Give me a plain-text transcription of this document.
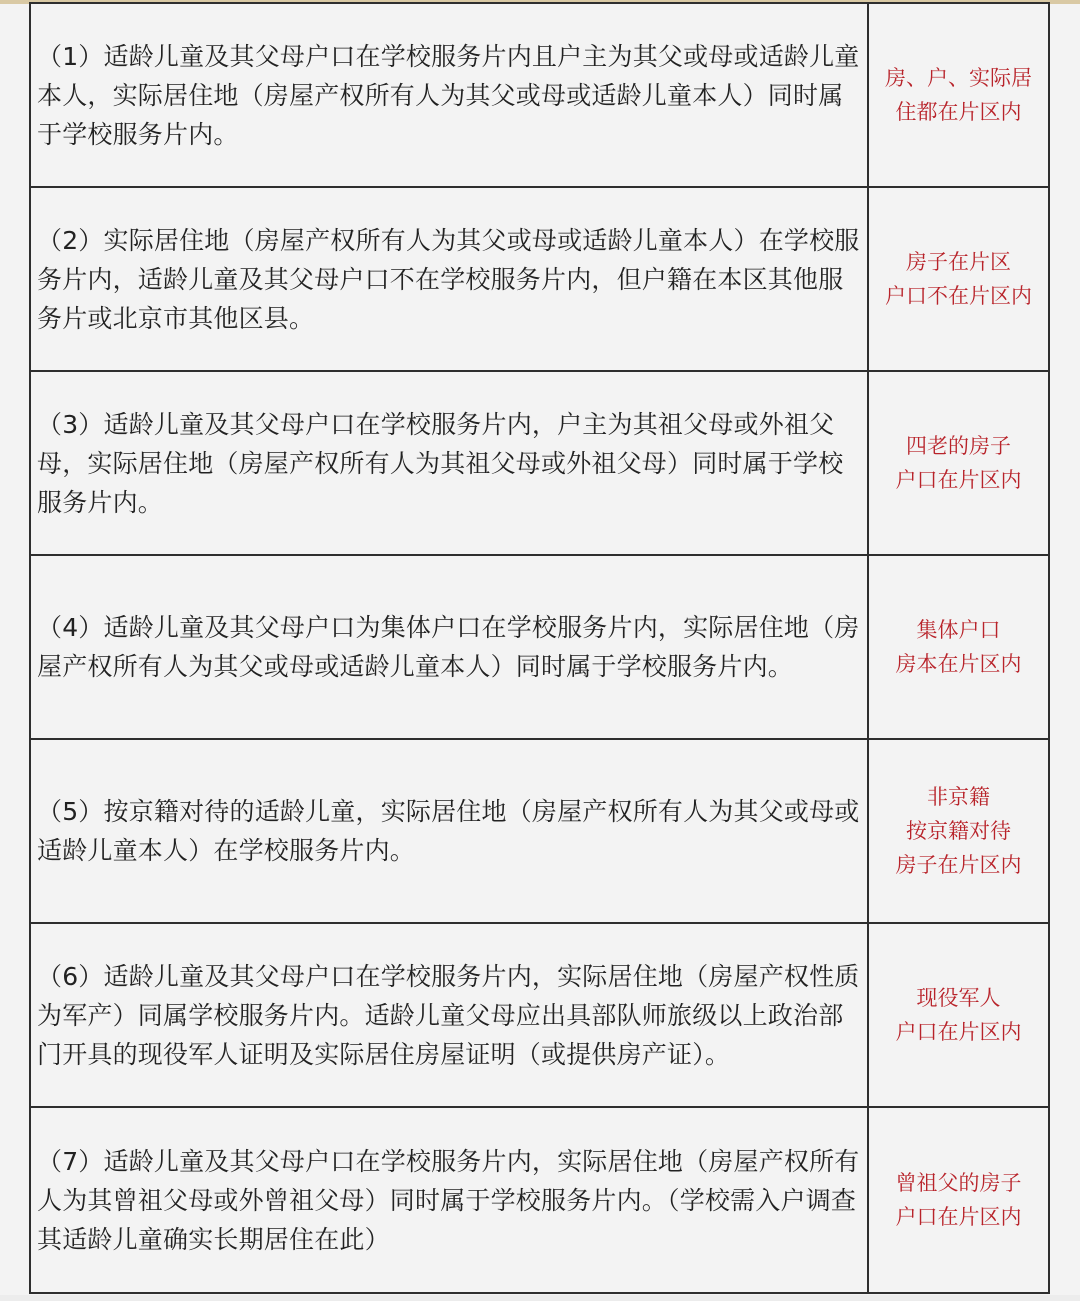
（1）适龄儿童及其父母户口在学校服务片内且户主为其父或母或适龄儿童本人，实际居住地（房屋产权所有人为其父或母或适龄儿童本人）同时属于学校服务片内。	房、户、实际居
住都在片区内

（2）实际居住地（房屋产权所有人为其父或母或适龄儿童本人）在学校服务片内，适龄儿童及其父母户口不在学校服务片内，但户籍在本区其他服务片或北京市其他区县。	房子在片区
户口不在片区内

（3）适龄儿童及其父母户口在学校服务片内，户主为其祖父母或外祖父母，实际居住地（房屋产权所有人为其祖父母或外祖父母）同时属于学校服务片内。	四老的房子
户口在片区内

（4）适龄儿童及其父母户口为集体户口在学校服务片内，实际居住地（房屋产权所有人为其父或母或适龄儿童本人）同时属于学校服务片内。	集体户口
房本在片区内

（5）按京籍对待的适龄儿童，实际居住地（房屋产权所有人为其父或母或适龄儿童本人）在学校服务片内。	非京籍
按京籍对待
房子在片区内

（6）适龄儿童及其父母户口在学校服务片内，实际居住地（房屋产权性质为军产）同属学校服务片内。适龄儿童父母应出具部队师旅级以上政治部门开具的现役军人证明及实际居住房屋证明（或提供房产证）。	现役军人
户口在片区内

（7）适龄儿童及其父母户口在学校服务片内，实际居住地（房屋产权所有人为其曾祖父母或外曾祖父母）同时属于学校服务片内。（学校需入户调查其适龄儿童确实长期居住在此）	曾祖父的房子
户口在片区内
